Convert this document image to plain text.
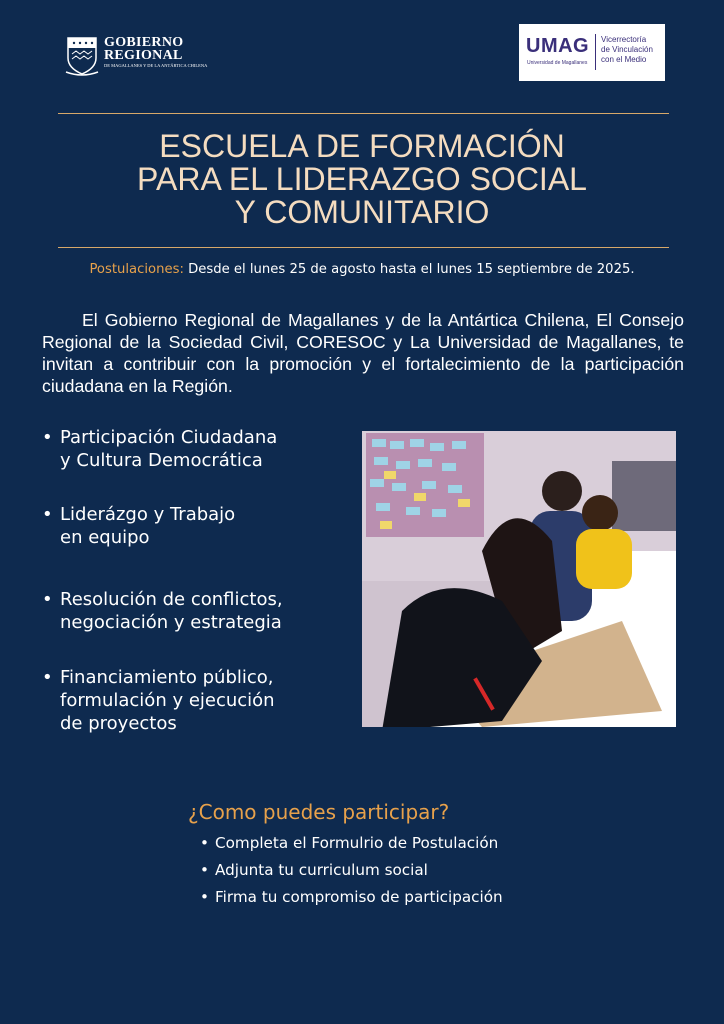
GOBIERNO
REGIONAL
DE MAGALLANES Y DE LA ANTÁRTICA CHILENA
UMAG
Universidad de Magallanes
Vicerrectoría
de Vinculación
con el Medio
ESCUELA DE FORMACIÓN
PARA EL LIDERAZGO SOCIAL
Y COMUNITARIO
Postulaciones: Desde el lunes 25 de agosto hasta el lunes 15 septiembre de 2025.
El Gobierno Regional de Magallanes y de la Antártica Chilena, El Consejo Regional de la Sociedad Civil, CORESOC y La Universidad de Magallanes, te invitan a contribuir con la promoción y el fortalecimiento de la participación ciudadana en la Región.
• Participación Ciudadana
y Cultura Democrática
• Liderázgo y Trabajo
en equipo
• Resolución de conflictos,
negociación y estrategia
• Financiamiento público,
formulación y ejecución
de proyectos
¿Como puedes participar?
• Completa el Formulrio de Postulación
• Adjunta tu curriculum social
• Firma tu compromiso de participación
